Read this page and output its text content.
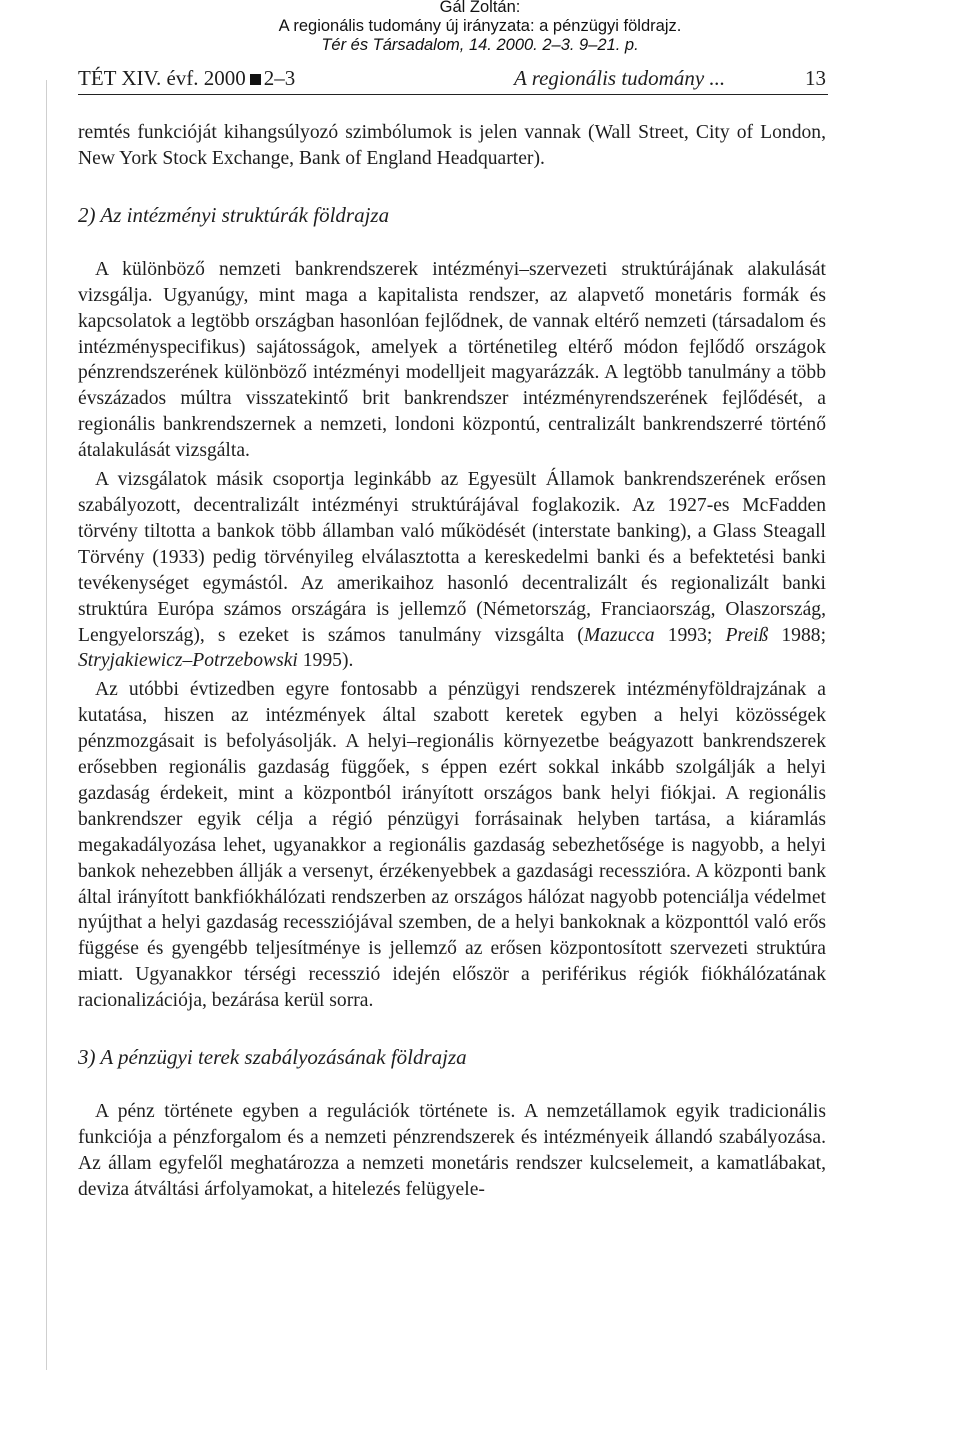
Gál Zoltán:
A regionális tudomány új irányzata: a pénzügyi földrajz.
Tér és Társadalom, 14. 2000. 2–3. 9–21. p.
TÉT XIV. évf. 2000 2–3	A regionális tudomány ...	13

remtés funkcióját kihangsúlyozó szimbólumok is jelen vannak (Wall Street, City of London, New York Stock Exchange, Bank of England Headquarter).

2) Az intézményi struktúrák földrajza

A különböző nemzeti bankrendszerek intézményi–szervezeti struktúrájának alakulását vizsgálja. Ugyanúgy, mint maga a kapitalista rendszer, az alapvető monetáris formák és kapcsolatok a legtöbb országban hasonlóan fejlődnek, de vannak eltérő nemzeti (társadalom és intézményspecifikus) sajátosságok, amelyek a történetileg eltérő módon fejlődő országok pénzrendszerének különböző intézményi modelljeit magyarázzák. A legtöbb tanulmány a több évszázados múltra visszatekintő brit bankrendszer intézményrendszerének fejlődését, a regionális bankrendszernek a nemzeti, londoni központú, centralizált bankrendszerré történő átalakulását vizsgálta.

A vizsgálatok másik csoportja leginkább az Egyesült Államok bankrendszerének erősen szabályozott, decentralizált intézményi struktúrájával foglakozik. Az 1927-es McFadden törvény tiltotta a bankok több államban való működését (interstate banking), a Glass Steagall Törvény (1933) pedig törvényileg elválasztotta a kereskedelmi banki és a befektetési banki tevékenységet egymástól. Az amerikaihoz hasonló decentralizált és regionalizált banki struktúra Európa számos országára is jellemző (Németország, Franciaország, Olaszország, Lengyelország), s ezeket is számos tanulmány vizsgálta (Mazucca 1993; Preiß 1988; Stryjakiewicz–Potrzebowski 1995).

Az utóbbi évtizedben egyre fontosabb a pénzügyi rendszerek intézményföldrajzának a kutatása, hiszen az intézmények által szabott keretek egyben a helyi közösségek pénzmozgásait is befolyásolják. A helyi–regionális környezetbe beágyazott bankrendszerek erősebben regionális gazdaság függőek, s éppen ezért sokkal inkább szolgálják a helyi gazdaság érdekeit, mint a központból irányított országos bank helyi fiókjai. A regionális bankrendszer egyik célja a régió pénzügyi forrásainak helyben tartása, a kiáramlás megakadályozása lehet, ugyanakkor a regionális gazdaság sebezhetősége is nagyobb, a helyi bankok nehezebben állják a versenyt, érzékenyebbek a gazdasági recesszióra. A központi bank által irányított bankfiókhálózati rendszerben az országos hálózat nagyobb potenciálja védelmet nyújthat a helyi gazdaság recessziójával szemben, de a helyi bankoknak a központtól való erős függése és gyengébb teljesítménye is jellemző az erősen központosított szervezeti struktúra miatt. Ugyanakkor térségi recesszió idején először a periférikus régiók fiókhálózatának racionalizációja, bezárása kerül sorra.

3) A pénzügyi terek szabályozásának földrajza

A pénz története egyben a regulációk története is. A nemzetállamok egyik tradicionális funkciója a pénzforgalom és a nemzeti pénzrendszerek és intézményeik állandó szabályozása. Az állam egyfelől meghatározza a nemzeti monetáris rendszer kulcselemeit, a kamatlábakat, deviza átváltási árfolyamokat, a hitelezés felügyele-
